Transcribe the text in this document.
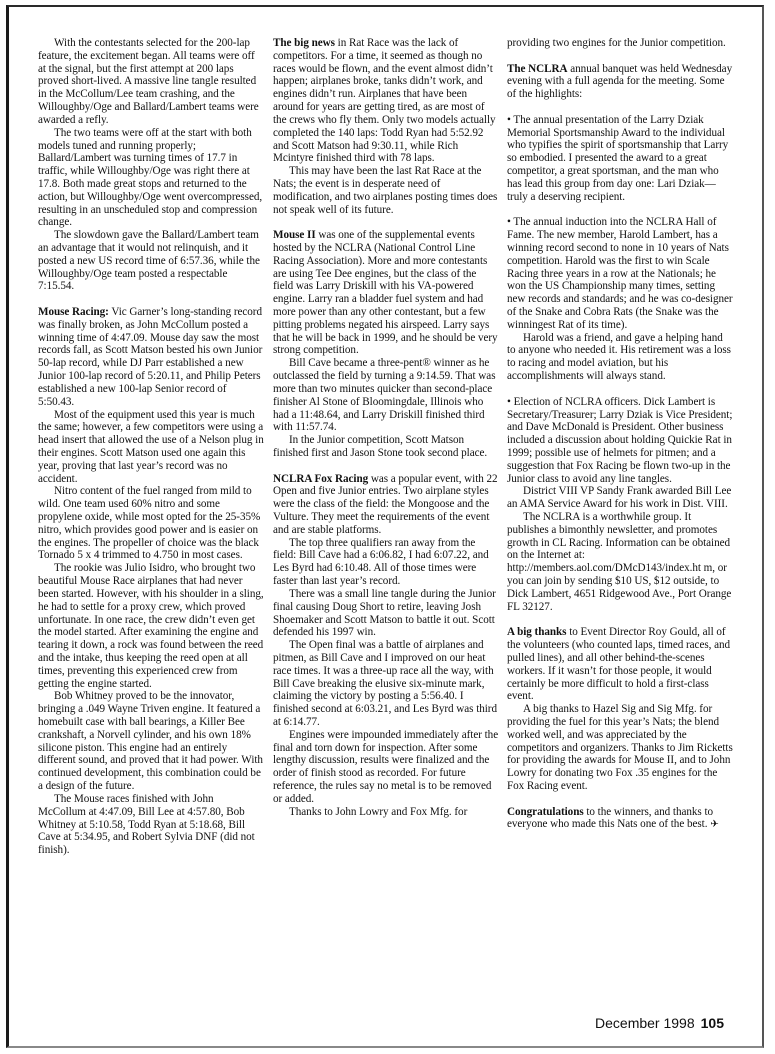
With the contestants selected for the 200-lap feature, the excitement began. All teams were off at the signal, but the first attempt at 200 laps proved short-lived. A massive line tangle resulted in the McCollum/Lee team crashing, and the Willoughby/Oge and Ballard/Lambert teams were awarded a refly.

The two teams were off at the start with both models tuned and running properly; Ballard/Lambert was turning times of 17.7 in traffic, while Willoughby/Oge was right there at 17.8. Both made great stops and returned to the action, but Willoughby/Oge went overcompressed, resulting in an unscheduled stop and compression change.

The slowdown gave the Ballard/Lambert team an advantage that it would not relinquish, and it posted a new US record time of 6:57.36, while the Willoughby/Oge team posted a respectable 7:15.54.

Mouse Racing: Vic Garner’s long-standing record was finally broken, as John McCollum posted a winning time of 4:47.09. Mouse day saw the most records fall, as Scott Matson bested his own Junior 50-lap record, while DJ Parr established a new Junior 100-lap record of 5:20.11, and Philip Peters established a new 100-lap Senior record of 5:50.43.

Most of the equipment used this year is much the same; however, a few competitors were using a head insert that allowed the use of a Nelson plug in their engines. Scott Matson used one again this year, proving that last year’s record was no accident.

Nitro content of the fuel ranged from mild to wild. One team used 60% nitro and some propylene oxide, while most opted for the 25-35% nitro, which provides good power and is easier on the engines. The propeller of choice was the black Tornado 5 x 4 trimmed to 4.750 in most cases.

The rookie was Julio Isidro, who brought two beautiful Mouse Race airplanes that had never been started. However, with his shoulder in a sling, he had to settle for a proxy crew, which proved unfortunate. In one race, the crew didn’t even get the model started. After examining the engine and tearing it down, a rock was found between the reed and the intake, thus keeping the reed open at all times, preventing this experienced crew from getting the engine started.

Bob Whitney proved to be the innovator, bringing a .049 Wayne Triven engine. It featured a homebuilt case with ball bearings, a Killer Bee crankshaft, a Norvell cylinder, and his own 18% silicone piston. This engine had an entirely different sound, and proved that it had power. With continued development, this combination could be a design of the future.

The Mouse races finished with John McCollum at 4:47.09, Bill Lee at 4:57.80, Bob Whitney at 5:10.58, Todd Ryan at 5:18.68, Bill Cave at 5:34.95, and Robert Sylvia DNF (did not finish).

The big news in Rat Race was the lack of competitors. For a time, it seemed as though no races would be flown, and the event almost didn’t happen; airplanes broke, tanks didn’t work, and engines didn’t run. Airplanes that have been around for years are getting tired, as are most of the crews who fly them. Only two models actually completed the 140 laps: Todd Ryan had 5:52.92 and Scott Matson had 9:30.11, while Rich Mcintyre finished third with 78 laps.

This may have been the last Rat Race at the Nats; the event is in desperate need of modification, and two airplanes posting times does not speak well of its future.

Mouse II was one of the supplemental events hosted by the NCLRA (National Control Line Racing Association). More and more contestants are using Tee Dee engines, but the class of the field was Larry Driskill with his VA-powered engine. Larry ran a bladder fuel system and had more power than any other contestant, but a few pitting problems negated his airspeed. Larry says that he will be back in 1999, and he should be very strong competition.

Bill Cave became a three-pent® winner as he outclassed the field by turning a 9:14.59. That was more than two minutes quicker than second-place finisher Al Stone of Bloomingdale, Illinois who had a 11:48.64, and Larry Driskill finished third with 11:57.74.

In the Junior competition, Scott Matson finished first and Jason Stone took second place.

NCLRA Fox Racing was a popular event, with 22 Open and five Junior entries. Two airplane styles were the class of the field: the Mongoose and the Vulture. They meet the requirements of the event and are stable platforms.

The top three qualifiers ran away from the field: Bill Cave had a 6:06.82, I had 6:07.22, and Les Byrd had 6:10.48. All of those times were faster than last year’s record.

There was a small line tangle during the Junior final causing Doug Short to retire, leaving Josh Shoemaker and Scott Matson to battle it out. Scott defended his 1997 win.

The Open final was a battle of airplanes and pitmen, as Bill Cave and I improved on our heat race times. It was a three-up race all the way, with Bill Cave breaking the elusive six-minute mark, claiming the victory by posting a 5:56.40. I finished second at 6:03.21, and Les Byrd was third at 6:14.77.

Engines were impounded immediately after the final and torn down for inspection. After some lengthy discussion, results were finalized and the order of finish stood as recorded. For future reference, the rules say no metal is to be removed or added.

Thanks to John Lowry and Fox Mfg. for

providing two engines for the Junior competition.

The NCLRA annual banquet was held Wednesday evening with a full agenda for the meeting. Some of the highlights:

• The annual presentation of the Larry Dziak Memorial Sportsmanship Award to the individual who typifies the spirit of sportsmanship that Larry so embodied. I presented the award to a great competitor, a great sportsman, and the man who has lead this group from day one: Lari Dziak—truly a deserving recipient.

• The annual induction into the NCLRA Hall of Fame. The new member, Harold Lambert, has a winning record second to none in 10 years of Nats competition. Harold was the first to win Scale Racing three years in a row at the Nationals; he won the US Championship many times, setting new records and standards; and he was co-designer of the Snake and Cobra Rats (the Snake was the winningest Rat of its time).

Harold was a friend, and gave a helping hand to anyone who needed it. His retirement was a loss to racing and model aviation, but his accomplishments will always stand.

• Election of NCLRA officers. Dick Lambert is Secretary/Treasurer; Larry Dziak is Vice President; and Dave McDonald is President. Other business included a discussion about holding Quickie Rat in 1999; possible use of helmets for pitmen; and a suggestion that Fox Racing be flown two-up in the Junior class to avoid any line tangles.

District VIII VP Sandy Frank awarded Bill Lee an AMA Service Award for his work in Dist. VIII.

The NCLRA is a worthwhile group. It publishes a bimonthly newsletter, and promotes growth in CL Racing. Information can be obtained on the Internet at: http://members.aol.com/DMcD143/index.ht m, or you can join by sending $10 US, $12 outside, to Dick Lambert, 4651 Ridgewood Ave., Port Orange FL 32127.

A big thanks to Event Director Roy Gould, all of the volunteers (who counted laps, timed races, and pulled lines), and all other behind-the-scenes workers. If it wasn’t for those people, it would certainly be more difficult to hold a first-class event.

A big thanks to Hazel Sig and Sig Mfg. for providing the fuel for this year’s Nats; the blend worked well, and was appreciated by the competitors and organizers. Thanks to Jim Ricketts for providing the awards for Mouse II, and to John Lowry for donating two Fox .35 engines for the Fox Racing event.

Congratulations to the winners, and thanks to everyone who made this Nats one of the best. ✈

December 1998 105
